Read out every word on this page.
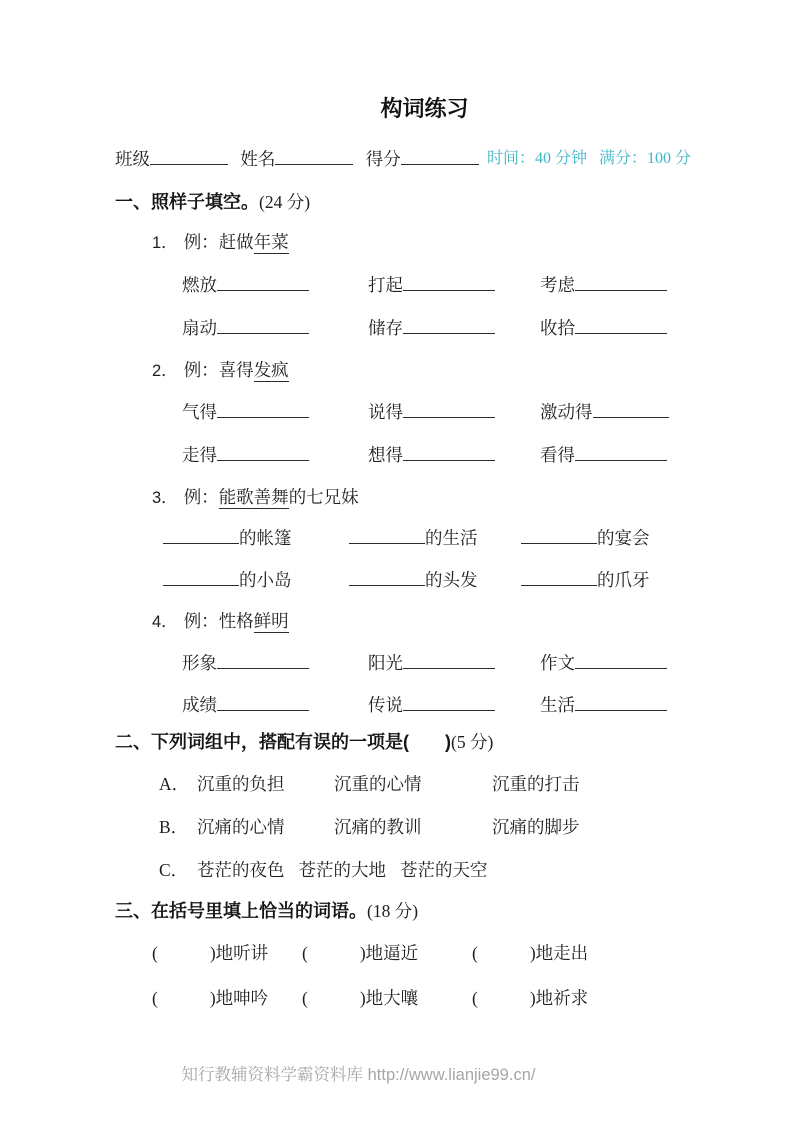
构词练习
班级	姓名	得分	时间：40 分钟 满分：100 分
一、照样子填空。(24 分)
1． 例：赶做年菜
燃放	打起	考虑
扇动	储存	收拾
2． 例：喜得发疯
气得	说得	激动得
走得	想得	看得
3． 例：能歌善舞的七兄妹
的帐篷	的生活	的宴会
的小岛	的头发	的爪牙
4． 例：性格鲜明
形象	阳光	作文
成绩	传说	生活
二、下列词组中，搭配有误的一项是( )(5 分)
A． 沉重的负担	沉重的心情	沉重的打击
B． 沉痛的心情	沉痛的教训	沉痛的脚步
C． 苍茫的夜色 苍茫的大地 苍茫的天空
三、在括号里填上恰当的词语。(18 分)
(	)地听讲 (	)地逼近	(	)地走出
(	)地呻吟 (	)地大嚷	(	)地祈求
知行教辅资料学霸资料库 http://www.lianjie99.cn/
